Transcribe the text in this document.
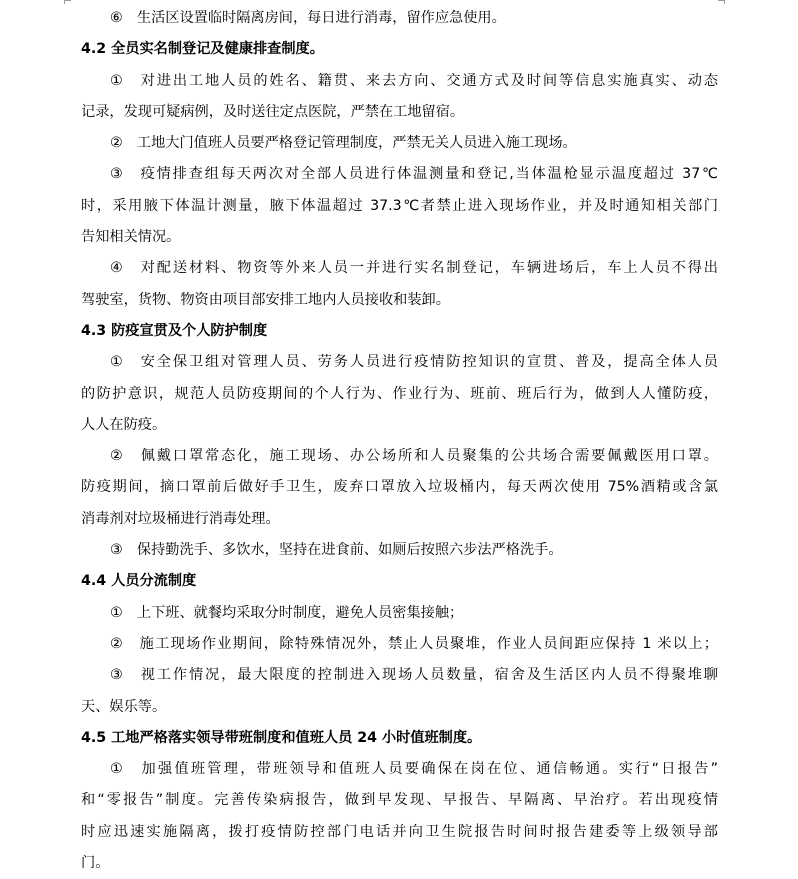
⑥　生活区设置临时隔离房间，每日进行消毒，留作应急使用。
4.2 全员实名制登记及健康排查制度。
①　对进出工地人员的姓名、籍贯、来去方向、交通方式及时间等信息实施真实、动态
记录，发现可疑病例，及时送往定点医院，严禁在工地留宿。
②　工地大门值班人员要严格登记管理制度，严禁无关人员进入施工现场。
③　疫情排查组每天两次对全部人员进行体温测量和登记,当体温枪显示温度超过 37℃
时，采用腋下体温计测量，腋下体温超过 37.3℃者禁止进入现场作业，并及时通知相关部门
告知相关情况。
④　对配送材料、物资等外来人员一并进行实名制登记，车辆进场后，车上人员不得出
驾驶室，货物、物资由项目部安排工地内人员接收和装卸。
4.3 防疫宣贯及个人防护制度
①　安全保卫组对管理人员、劳务人员进行疫情防控知识的宣贯、普及，提高全体人员
的防护意识，规范人员防疫期间的个人行为、作业行为、班前、班后行为，做到人人懂防疫，
人人在防疫。
②　佩戴口罩常态化，施工现场、办公场所和人员聚集的公共场合需要佩戴医用口罩。
防疫期间，摘口罩前后做好手卫生，废弃口罩放入垃圾桶内，每天两次使用 75%酒精或含氯
消毒剂对垃圾桶进行消毒处理。
③　保持勤洗手、多饮水，坚持在进食前、如厕后按照六步法严格洗手。
4.4 人员分流制度
①　上下班、就餐均采取分时制度，避免人员密集接触；
②　施工现场作业期间，除特殊情况外，禁止人员聚堆，作业人员间距应保持 1 米以上；
③　视工作情况，最大限度的控制进入现场人员数量，宿舍及生活区内人员不得聚堆聊
天、娱乐等。
4.5 工地严格落实领导带班制度和值班人员 24 小时值班制度。
①　加强值班管理，带班领导和值班人员要确保在岗在位、通信畅通。实行“日报告”
和“零报告”制度。完善传染病报告，做到早发现、早报告、早隔离、早治疗。若出现疫情
时应迅速实施隔离，拨打疫情防控部门电话并向卫生院报告时间时报告建委等上级领导部
门。
